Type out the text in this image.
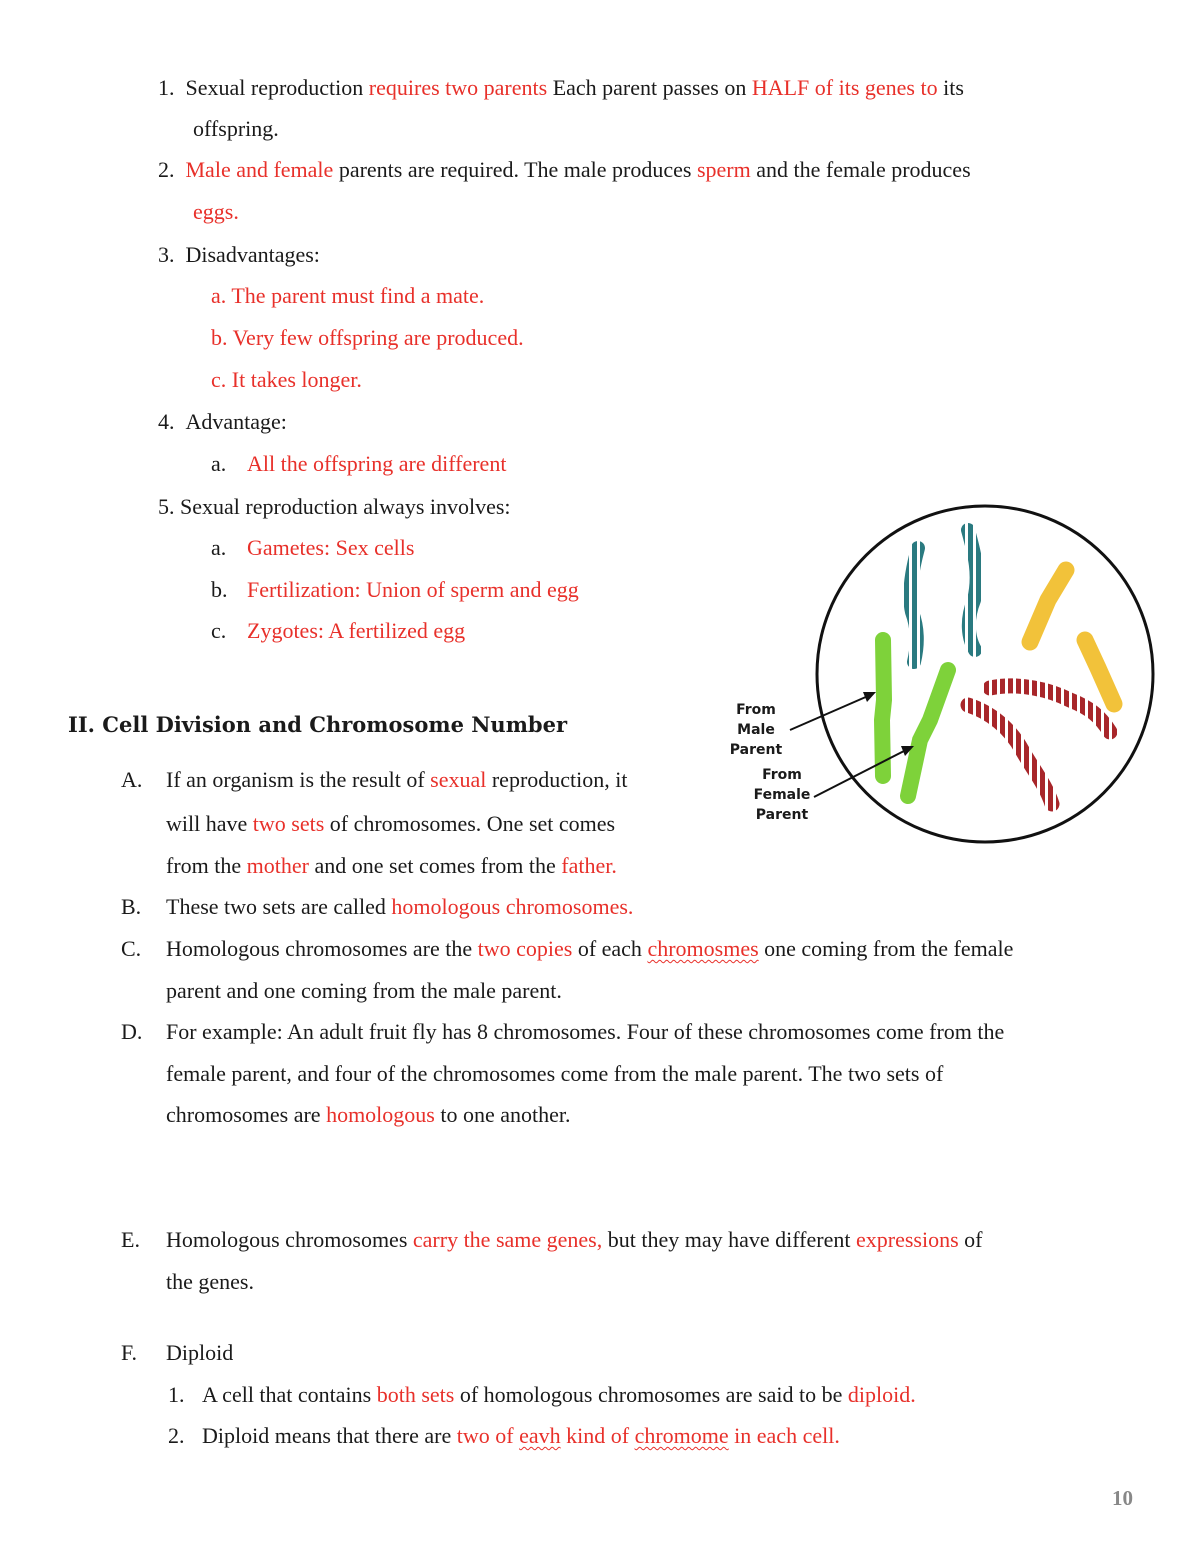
1. Sexual reproduction requires two parents Each parent passes on HALF of its genes to its
offspring.
2. Male and female parents are required. The male produces sperm and the female produces
eggs.
3. Disadvantages:
a. The parent must find a mate.
b. Very few offspring are produced.
c. It takes longer.
4. Advantage:
a. All the offspring are different
5. Sexual reproduction always involves:
a. Gametes: Sex cells
b. Fertilization: Union of sperm and egg
c. Zygotes: A fertilized egg
II. Cell Division and Chromosome Number
A. If an organism is the result of sexual reproduction, it
will have two sets of chromosomes. One set comes
from the mother and one set comes from the father.
B. These two sets are called homologous chromosomes.
C. Homologous chromosomes are the two copies of each chromosmes one coming from the female
parent and one coming from the male parent.
D. For example: An adult fruit fly has 8 chromosomes. Four of these chromosomes come from the
female parent, and four of the chromosomes come from the male parent. The two sets of
chromosomes are homologous to one another.
E. Homologous chromosomes carry the same genes, but they may have different expressions of
the genes.
F. Diploid
1. A cell that contains both sets of homologous chromosomes are said to be diploid.
2. Diploid means that there are two of eavh kind of chromome in each cell.
10
From
Male
Parent
From
Female
Parent
